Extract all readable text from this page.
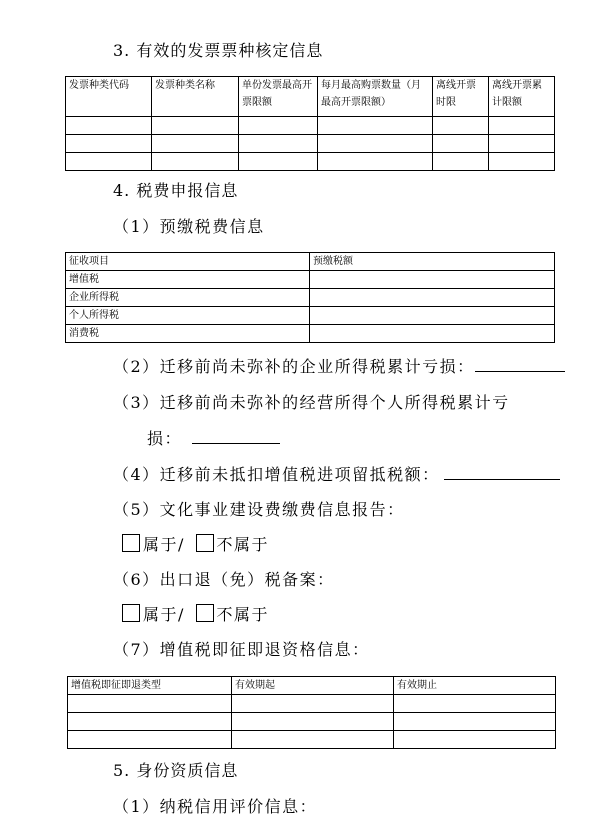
3. 有效的发票票种核定信息
发票种类代码	发票种类名称	单份发票最高开票限额	每月最高购票数量（月最高开票限额）	离线开票时限	离线开票累计限额

4. 税费申报信息
（1）预缴税费信息
征收项目	预缴税额
增值税	
企业所得税	
个人所得税	
消费税	
（2）迁移前尚未弥补的企业所得税累计亏损：
（3）迁移前尚未弥补的经营所得个人所得税累计亏
损：
（4）迁移前未抵扣增值税进项留抵税额：
（5）文化事业建设费缴费信息报告：
属于/ 不属于
（6）出口退（免）税备案：
属于/ 不属于
（7）增值税即征即退资格信息：
增值税即征即退类型	有效期起	有效期止

5. 身份资质信息
（1）纳税信用评价信息：
